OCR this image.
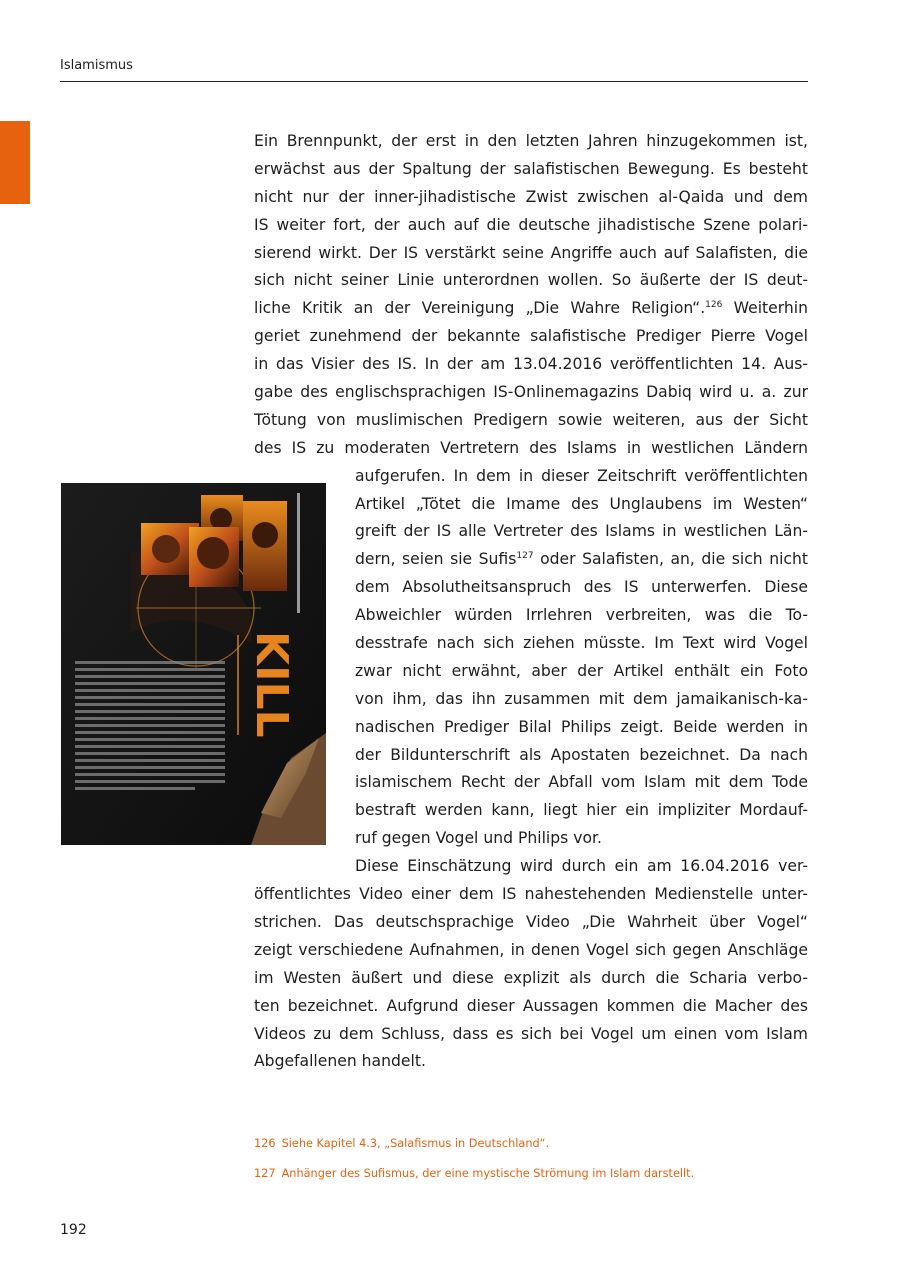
Islamismus
Ein Brennpunkt, der erst in den letzten Jahren hinzugekommen ist,
erwächst aus der Spaltung der salafistischen Bewegung. Es besteht
nicht nur der inner-jihadistische Zwist zwischen al-Qaida und dem
IS weiter fort, der auch auf die deutsche jihadistische Szene polari-
sierend wirkt. Der IS verstärkt seine Angriffe auch auf Salafisten, die
sich nicht seiner Linie unterordnen wollen. So äußerte der IS deut-
liche Kritik an der Vereinigung „Die Wahre Religion“.$^{126}$ Weiterhin
geriet zunehmend der bekannte salafistische Prediger Pierre Vogel
in das Visier des IS. In der am 13.04.2016 veröffentlichten 14. Aus-
gabe des englischsprachigen IS-Onlinemagazins Dabiq wird u. a. zur
Tötung von muslimischen Predigern sowie weiteren, aus der Sicht
des IS zu moderaten Vertretern des Islams in westlichen Ländern
aufgerufen. In dem in dieser Zeitschrift veröffentlichten
Artikel „Tötet die Imame des Unglaubens im Westen“
greift der IS alle Vertreter des Islams in westlichen Län-
dern, seien sie Sufis$^{127}$ oder Salafisten, an, die sich nicht
dem Absolutheitsanspruch des IS unterwerfen. Diese
Abweichler würden Irrlehren verbreiten, was die To-
desstrafe nach sich ziehen müsste. Im Text wird Vogel
zwar nicht erwähnt, aber der Artikel enthält ein Foto
von ihm, das ihn zusammen mit dem jamaikanisch-ka-
nadischen Prediger Bilal Philips zeigt. Beide werden in
der Bildunterschrift als Apostaten bezeichnet. Da nach
islamischem Recht der Abfall vom Islam mit dem Tode
bestraft werden kann, liegt hier ein impliziter Mordauf-
ruf gegen Vogel und Philips vor.
Diese Einschätzung wird durch ein am 16.04.2016 ver-
öffentlichtes Video einer dem IS nahestehenden Medienstelle unter-
strichen. Das deutschsprachige Video „Die Wahrheit über Vogel“
zeigt verschiedene Aufnahmen, in denen Vogel sich gegen Anschläge
im Westen äußert und diese explizit als durch die Scharia verbo-
ten bezeichnet. Aufgrund dieser Aussagen kommen die Macher des
Videos zu dem Schluss, dass es sich bei Vogel um einen vom Islam
Abgefallenen handelt.
KILL
126 Siehe Kapitel 4.3, „Salafismus in Deutschland“.
127 Anhänger des Sufismus, der eine mystische Strömung im Islam darstellt.
192
